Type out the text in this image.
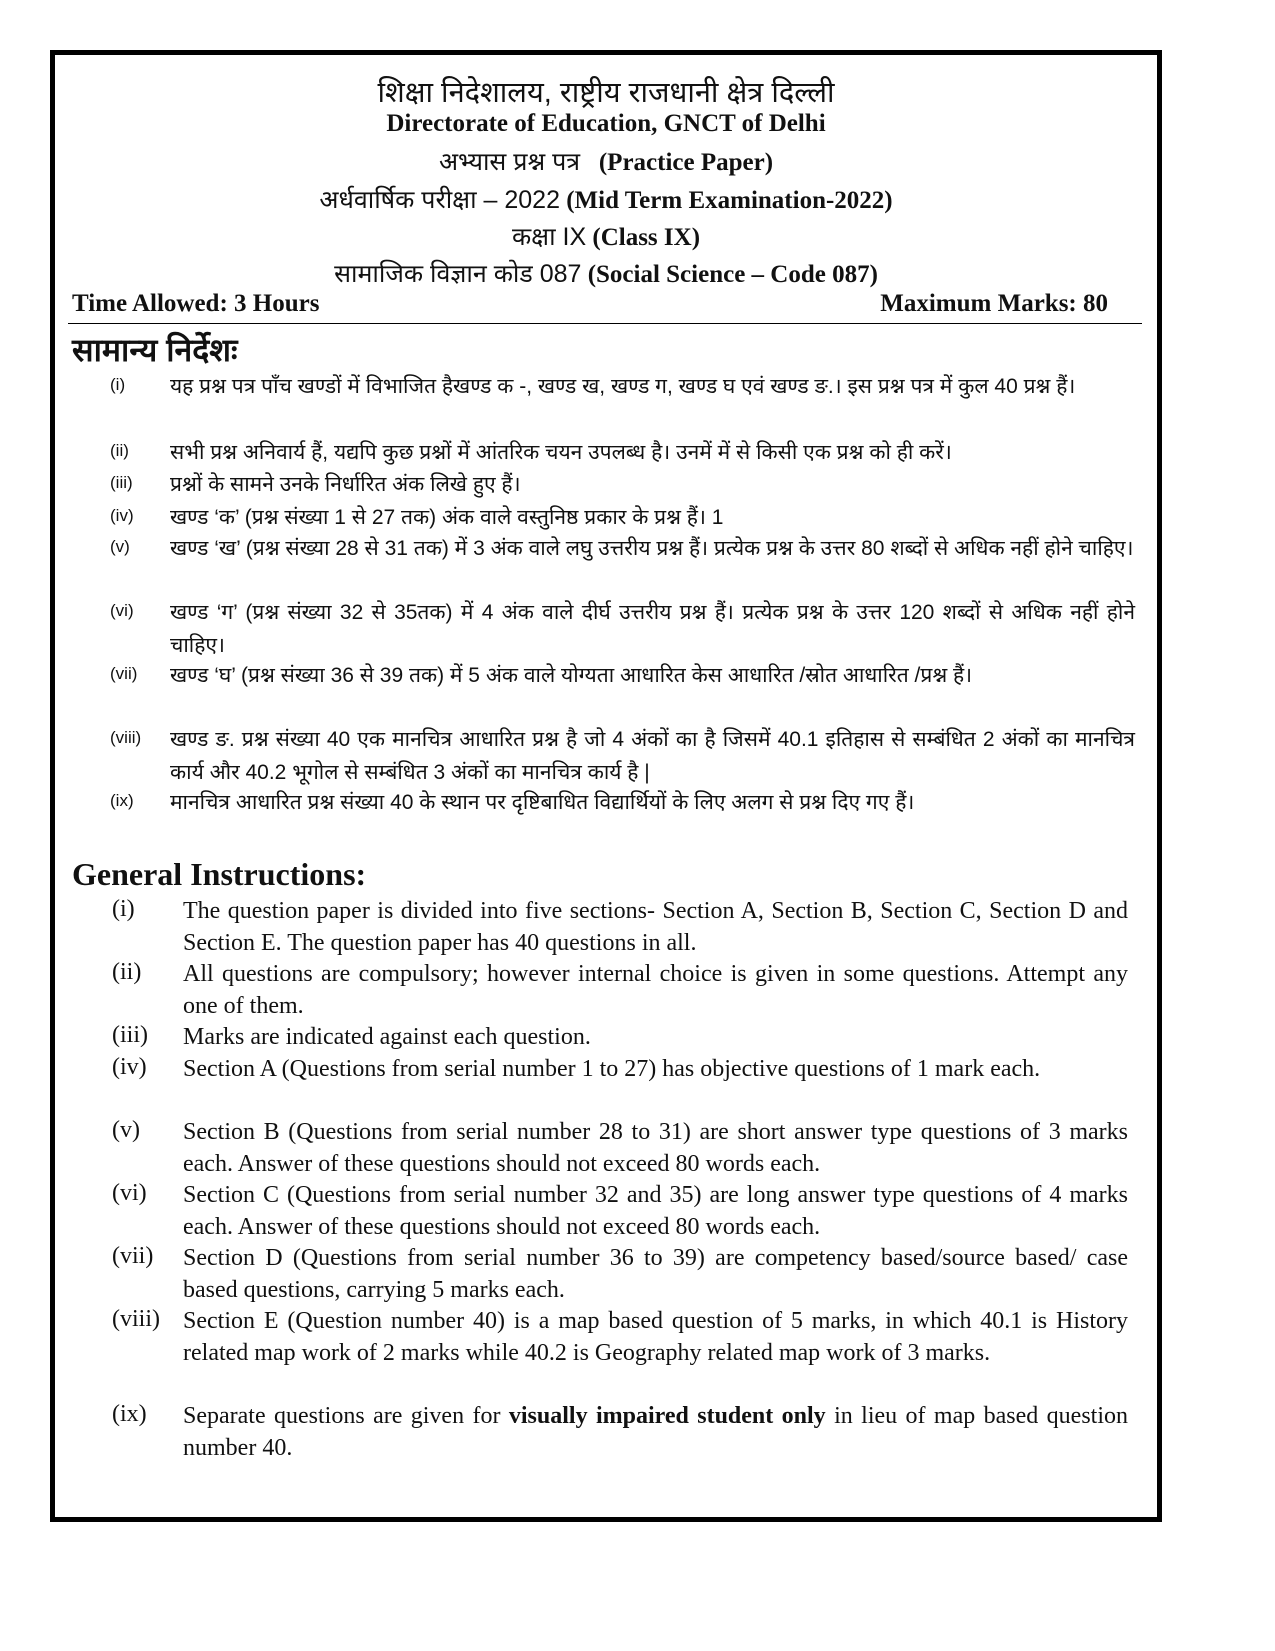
शिक्षा निदेशालय, राष्ट्रीय राजधानी क्षेत्र दिल्ली
Directorate of Education, GNCT of Delhi
अभ्यास प्रश्न पत्र (Practice Paper)
अर्धवार्षिक परीक्षा – 2022 (Mid Term Examination-2022)
कक्षा IX (Class IX)
सामाजिक विज्ञान कोड 087 (Social Science – Code 087)
Time Allowed: 3 Hours	Maximum Marks: 80
सामान्य निर्देशः
(i) यह प्रश्न पत्र पाँच खण्डों में विभाजित हैखण्ड क -, खण्ड ख, खण्ड ग, खण्ड घ एवं खण्ड ङ.। इस प्रश्न पत्र में कुल 40 प्रश्न हैं।
(ii) सभी प्रश्न अनिवार्य हैं, यद्यपि कुछ प्रश्नों में आंतरिक चयन उपलब्ध है। उनमें में से किसी एक प्रश्न को ही करें।
(iii) प्रश्नों के सामने उनके निर्धारित अंक लिखे हुए हैं।
(iv) खण्ड ‘क’ (प्रश्न संख्या 1 से 27 तक) अंक वाले वस्तुनिष्ठ प्रकार के प्रश्न हैं। 1
(v) खण्ड ‘ख’ (प्रश्न संख्या 28 से 31 तक) में 3 अंक वाले लघु उत्तरीय प्रश्न हैं। प्रत्येक प्रश्न के उत्तर 80 शब्दों से अधिक नहीं होने चाहिए।
(vi) खण्ड ‘ग’ (प्रश्न संख्या 32 से 35तक) में 4 अंक वाले दीर्घ उत्तरीय प्रश्न हैं। प्रत्येक प्रश्न के उत्तर 120 शब्दों से अधिक नहीं होने चाहिए।
(vii) खण्ड ‘घ’ (प्रश्न संख्या 36 से 39 तक) में 5 अंक वाले योग्यता आधारित केस आधारित /स्रोत आधारित /प्रश्न हैं।
(viii) खण्ड ङ. प्रश्न संख्या 40 एक मानचित्र आधारित प्रश्न है जो 4 अंकों का है जिसमें 40.1 इतिहास से सम्बंधित 2 अंकों का मानचित्र कार्य और 40.2 भूगोल से सम्बंधित 3 अंकों का मानचित्र कार्य है |
(ix) मानचित्र आधारित प्रश्न संख्या 40 के स्थान पर दृष्टिबाधित विद्यार्थियों के लिए अलग से प्रश्न दिए गए हैं।
General Instructions:
(i) The question paper is divided into five sections- Section A, Section B, Section C, Section D and Section E. The question paper has 40 questions in all.
(ii) All questions are compulsory; however internal choice is given in some questions. Attempt any one of them.
(iii) Marks are indicated against each question.
(iv) Section A (Questions from serial number 1 to 27) has objective questions of 1 mark each.
(v) Section B (Questions from serial number 28 to 31) are short answer type questions of 3 marks each. Answer of these questions should not exceed 80 words each.
(vi) Section C (Questions from serial number 32 and 35) are long answer type questions of 4 marks each. Answer of these questions should not exceed 80 words each.
(vii) Section D (Questions from serial number 36 to 39) are competency based/source based/ case based questions, carrying 5 marks each.
(viii) Section E (Question number 40) is a map based question of 5 marks, in which 40.1 is History related map work of 2 marks while 40.2 is Geography related map work of 3 marks.
(ix) Separate questions are given for visually impaired student only in lieu of map based question number 40.
